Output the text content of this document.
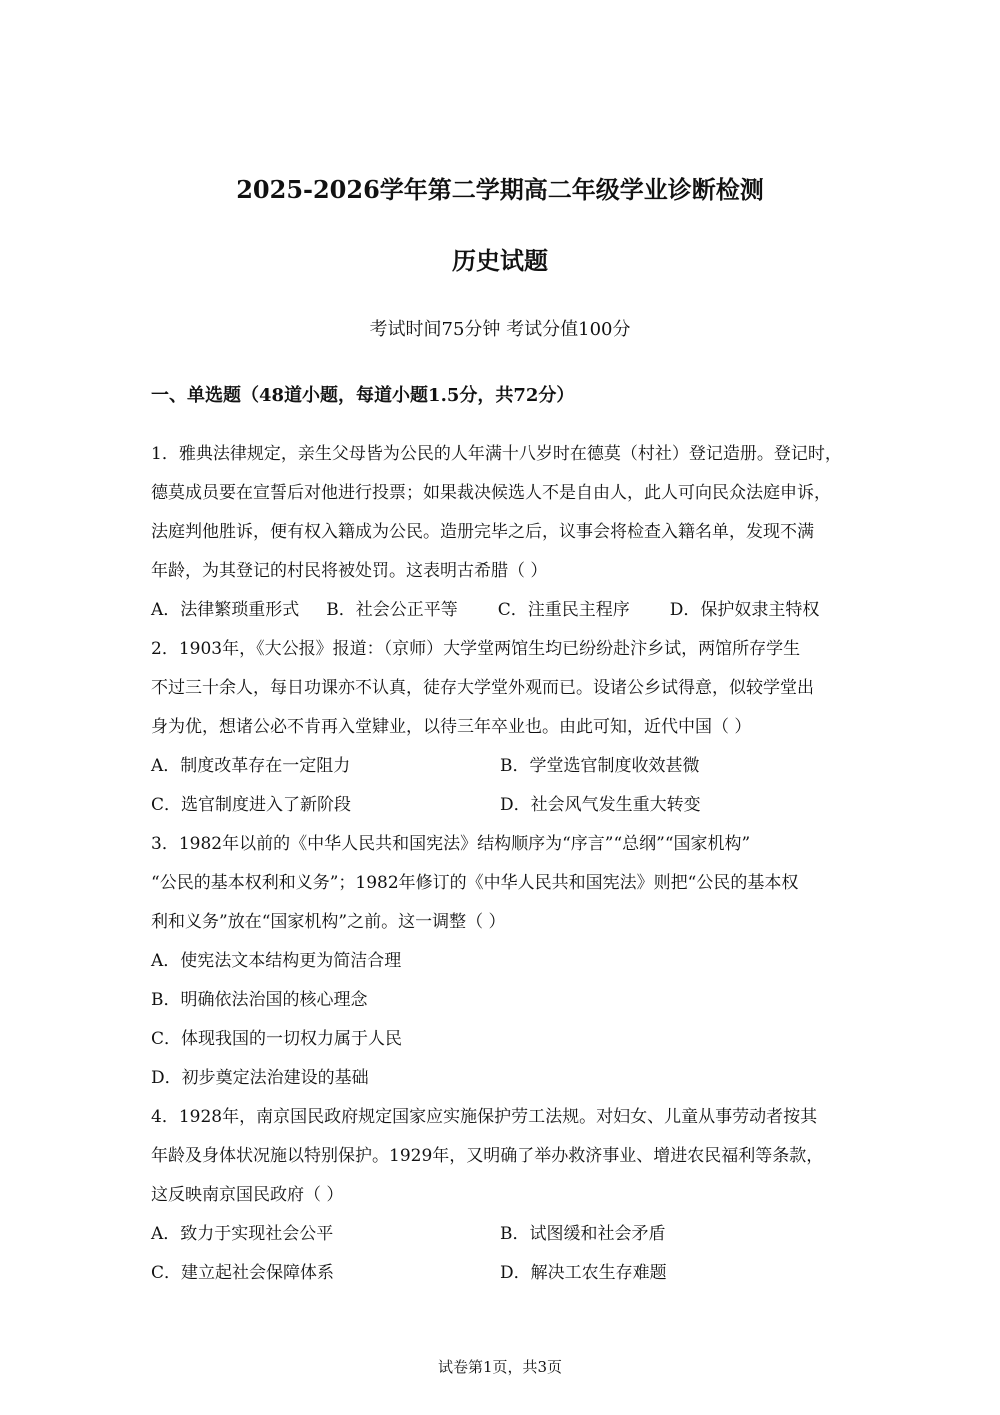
2025-2026学年第二学期高二年级学业诊断检测
历史试题
考试时间75分钟 考试分值100分
一、单选题（48道小题，每道小题1.5分，共72分）
1．雅典法律规定，亲生父母皆为公民的人年满十八岁时在德莫（村社）登记造册。登记时，
德莫成员要在宣誓后对他进行投票；如果裁决候选人不是自由人，此人可向民众法庭申诉，
法庭判他胜诉，便有权入籍成为公民。造册完毕之后，议事会将检查入籍名单，发现不满
年龄，为其登记的村民将被处罚。这表明古希腊（ ）
A．法律繁琐重形式 B．社会公正平等 C．注重民主程序 D．保护奴隶主特权
2．1903年，《大公报》报道：（京师）大学堂两馆生均已纷纷赴汴乡试，两馆所存学生
不过三十余人，每日功课亦不认真，徒存大学堂外观而已。设诸公乡试得意，似较学堂出
身为优，想诸公必不肯再入堂肄业，以待三年卒业也。由此可知，近代中国（ ）
A．制度改革存在一定阻力	B．学堂选官制度收效甚微
C．选官制度进入了新阶段	D．社会风气发生重大转变
3．1982年以前的《中华人民共和国宪法》结构顺序为“序言”“总纲”“国家机构”
“公民的基本权利和义务”；1982年修订的《中华人民共和国宪法》则把“公民的基本权
利和义务”放在“国家机构”之前。这一调整（ ）
A．使宪法文本结构更为简洁合理
B．明确依法治国的核心理念
C．体现我国的一切权力属于人民
D．初步奠定法治建设的基础
4．1928年，南京国民政府规定国家应实施保护劳工法规。对妇女、儿童从事劳动者按其
年龄及身体状况施以特别保护。1929年，又明确了举办救济事业、增进农民福利等条款，
这反映南京国民政府（ ）
A．致力于实现社会公平	B．试图缓和社会矛盾
C．建立起社会保障体系	D．解决工农生存难题
试卷第1页，共3页
